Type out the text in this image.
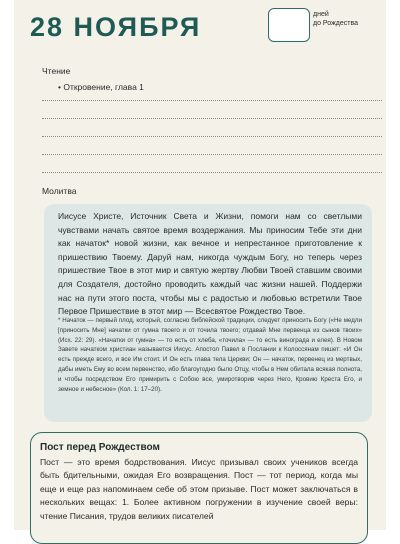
28 НОЯБРЯ	дней
до Рождества
Чтение
• Откровение, глава 1
Молитва

Иисусе Христе, Источник Света и Жизни, помоги нам со светлыми чувствами начать святое время воздержания. Мы приносим Тебе эти дни как начаток* новой жизни, как вечное и непрестанное приготовление к пришествию Твоему. Дaруй нам, никогда чуждым Богу, но теперь через пришествие Твое в этот мир и святую жертву Любви Твоей ставшим своими для Создателя, достойно проводить каждый час жизни нашей. Поддержи нас на пути этого поста, чтобы мы с радостью и любовью встретили Твое Первое Пришествие в этот мир — Всесвятое Рождество Твое.

* Начаток — первый плод, который, согласно библейской традиции, следует приносить Богу («Не медли [приносить Мне] начатки от гумна твоего и от точила твоего; отдавай Мне первенца из сынов твоих» (Исх. 22: 29). «Начатки от гумна» — то есть от хлеба, «точила» — то есть винограда и елея). В Новом Завете начатком христиан называется Иисус. Апостол Павел в Послании к Колоссянам пишет: «И Он есть прежде всего, и все Им стоит. И Он есть глава тела Церкви; Он — начаток, первенец из мертвых, дабы иметь Ему во всем первенство, ибо благоугодно было Отцу, чтобы в Нем обитала всякая полнота, и чтобы посредством Его примирить с Собою все, умиротворив через Него, Кровию Креста Его, и земное и небесное» (Кол. 1: 17–20).

Пост перед Рождеством

Пост — это время бодрствования. Иисус призывал своих учеников всегда быть бдительными, ожидая Его возвращения. Пост — тот период, когда мы еще и еще раз напоминаем себе об этом призыве. Пост может заключаться в нескольких вещах: 1. Более активном погружении в изучение своей веры: чтение Писания, трудов великих писателей
